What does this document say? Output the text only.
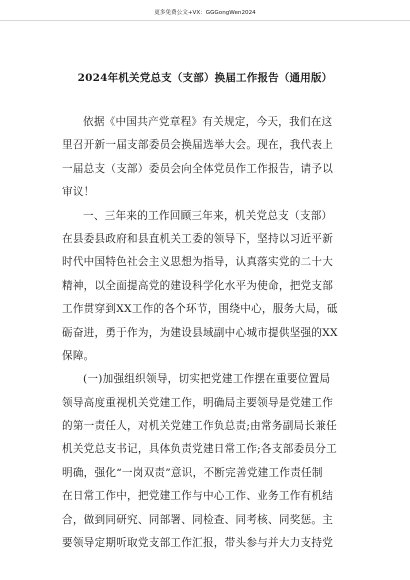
更多免费公文+VX：GGGongWen2024
2024年机关党总支（支部）换届工作报告（通用版）
依据《中国共产党章程》有关规定，今天，我们在这
里召开新一届支部委员会换届选举大会。现在，我代表上
一届总支（支部）委员会向全体党员作工作报告，请予以
审议！
一、三年来的工作回顾三年来，机关党总支（支部）
在县委县政府和县直机关工委的领导下，坚持以习近平新
时代中国特色社会主义思想为指导，认真落实党的二十大
精神，以全面提高党的建设科学化水平为使命，把党支部
工作贯穿到XX工作的各个环节，围绕中心，服务大局，砥
砺奋进，勇于作为，为建设县域副中心城市提供坚强的XX
保障。
(一)加强组织领导，切实把党建工作摆在重要位置局
领导高度重视机关党建工作，明确局主要领导是党建工作
的第一责任人，对机关党建工作负总责;由常务副局长兼任
机关党总支书记，具体负责党建日常工作;各支部委员分工
明确，强化“一岗双责”意识，不断完善党建工作责任制
在日常工作中，把党建工作与中心工作、业务工作有机结
合，做到同研究、同部署、同检查、同考核、同奖惩。主
要领导定期听取党支部工作汇报，带头参与并大力支持党
